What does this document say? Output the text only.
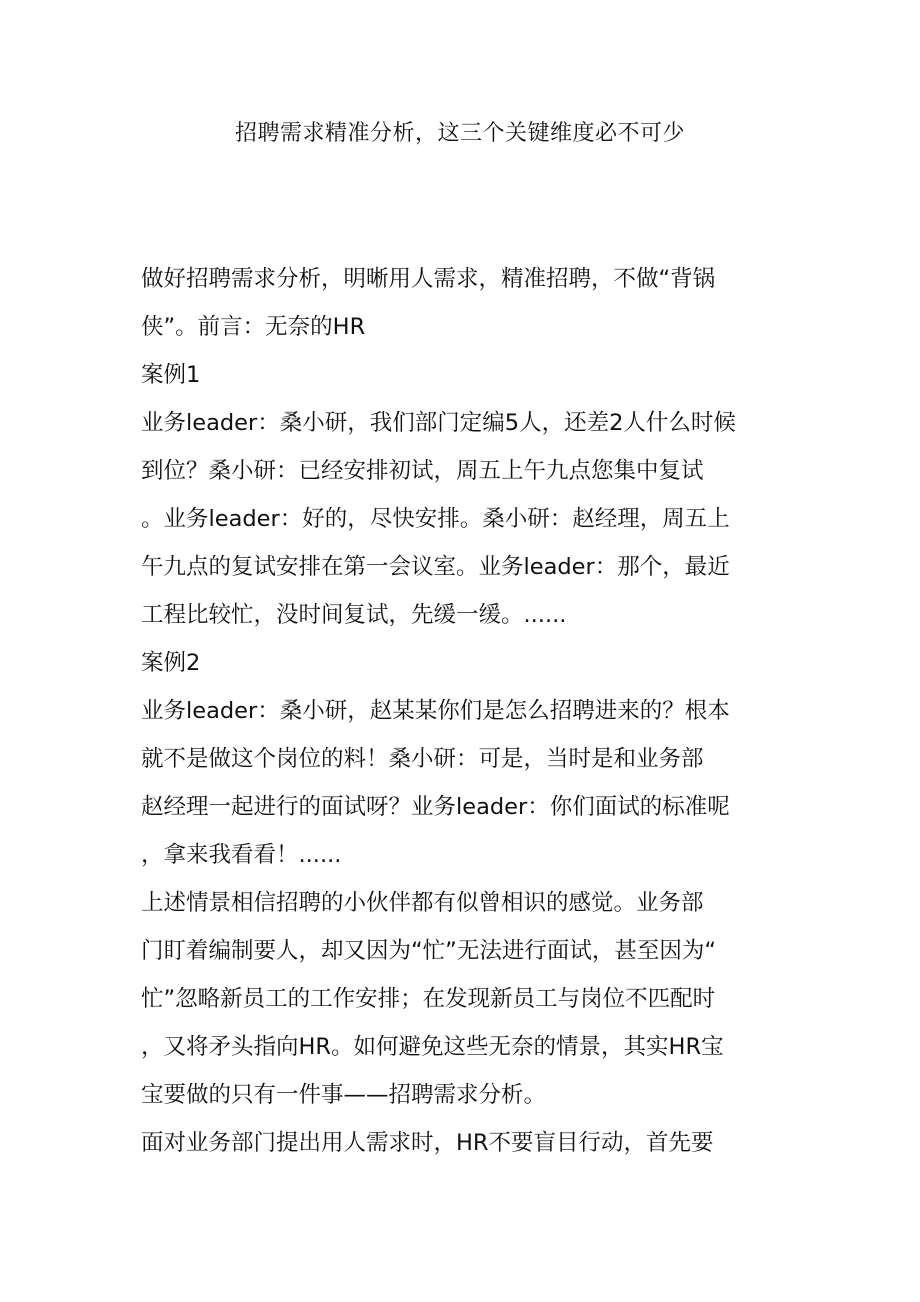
招聘需求精准分析，这三个关键维度必不可少
做好招聘需求分析，明晰用人需求，精准招聘，不做“背锅
侠”。前言：无奈的HR
案例1
业务leader：桑小研，我们部门定编5人，还差2人什么时候
到位？桑小研：已经安排初试，周五上午九点您集中复试
。业务leader：好的，尽快安排。桑小研：赵经理，周五上
午九点的复试安排在第一会议室。业务leader：那个，最近
工程比较忙，没时间复试，先缓一缓。......
案例2
业务leader：桑小研，赵某某你们是怎么招聘进来的？根本
就不是做这个岗位的料！桑小研：可是，当时是和业务部
赵经理一起进行的面试呀？业务leader：你们面试的标准呢
，拿来我看看！......
上述情景相信招聘的小伙伴都有似曾相识的感觉。业务部
门盯着编制要人，却又因为“忙”无法进行面试，甚至因为“
忙”忽略新员工的工作安排；在发现新员工与岗位不匹配时
，又将矛头指向HR。如何避免这些无奈的情景，其实HR宝
宝要做的只有一件事——招聘需求分析。
面对业务部门提出用人需求时，HR不要盲目行动，首先要
